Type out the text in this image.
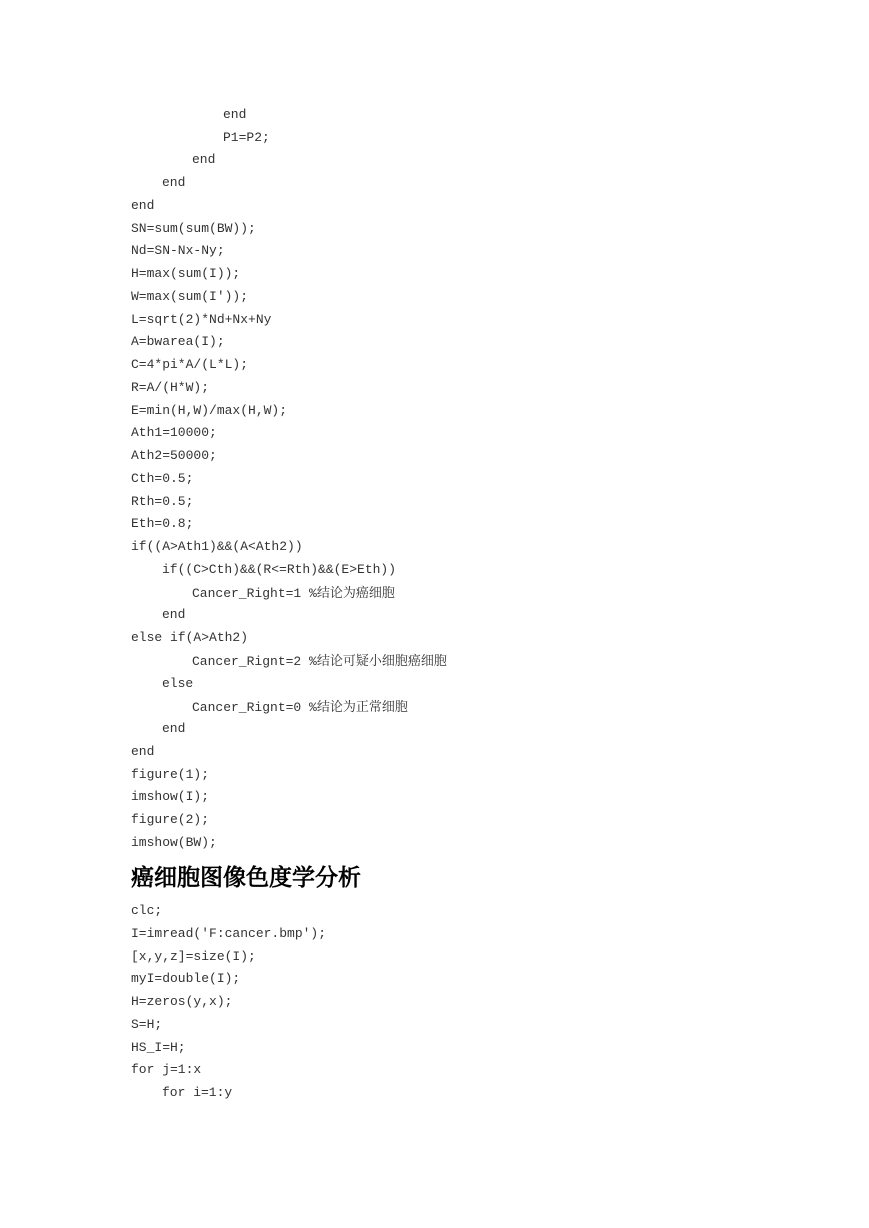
end
P1=P2;
end
end
end
SN=sum(sum(BW));
Nd=SN-Nx-Ny;
H=max(sum(I));
W=max(sum(I'));
L=sqrt(2)*Nd+Nx+Ny
A=bwarea(I);
C=4*pi*A/(L*L);
R=A/(H*W);
E=min(H,W)/max(H,W);
Ath1=10000;
Ath2=50000;
Cth=0.5;
Rth=0.5;
Eth=0.8;
if((A>Ath1)&&(A<Ath2))
if((C>Cth)&&(R<=Rth)&&(E>Eth))
Cancer_Right=1 %结论为癌细胞
end
else if(A>Ath2)
Cancer_Rignt=2 %结论可疑小细胞癌细胞
else
Cancer_Rignt=0 %结论为正常细胞
end
end
figure(1);
imshow(I);
figure(2);
imshow(BW);
癌细胞图像色度学分析
clc;
I=imread('F:cancer.bmp');
[x,y,z]=size(I);
myI=double(I);
H=zeros(y,x);
S=H;
HS_I=H;
for j=1:x
for i=1:y
